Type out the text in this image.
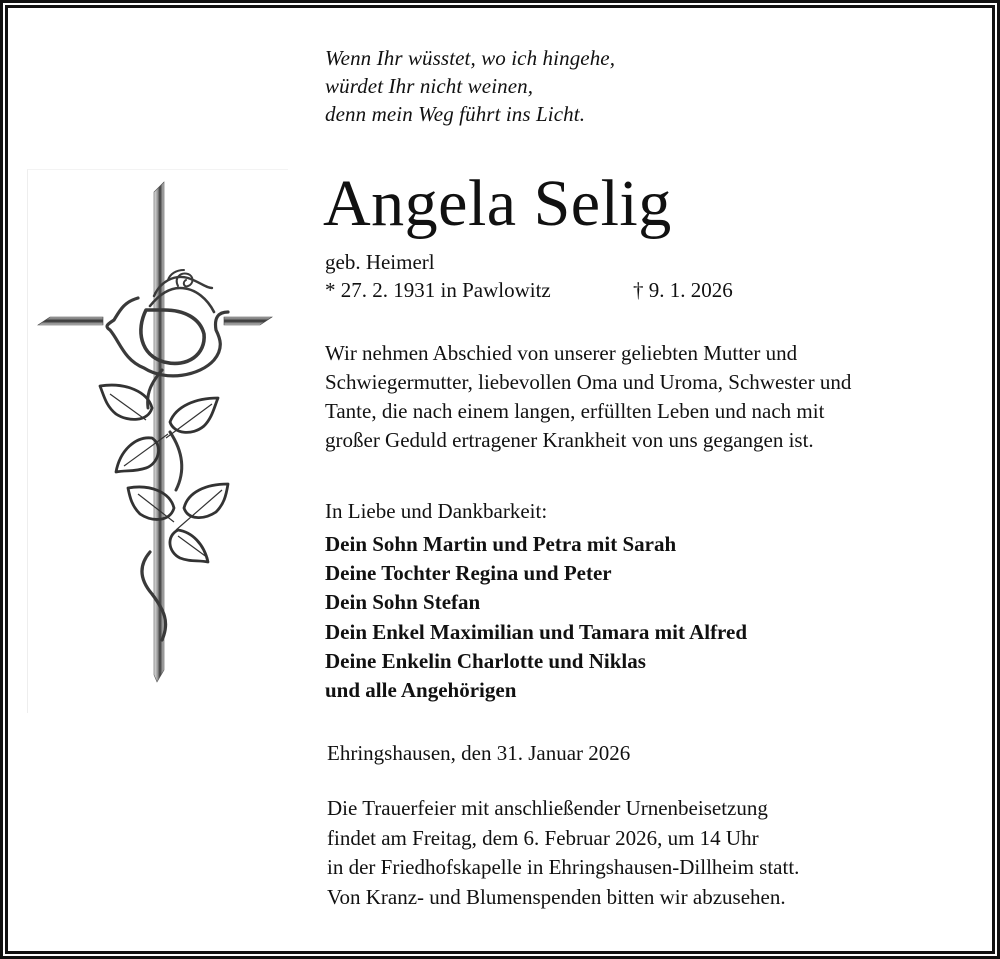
Wenn Ihr wüsstet, wo ich hingehe,
würdet Ihr nicht weinen,
denn mein Weg führt ins Licht.
Angela Selig
geb. Heimerl
* 27. 2. 1931 in Pawlowitz	† 9. 1. 2026
Wir nehmen Abschied von unserer geliebten Mutter und
Schwiegermutter, liebevollen Oma und Uroma, Schwester und
Tante, die nach einem langen, erfüllten Leben und nach mit
großer Geduld ertragener Krankheit von uns gegangen ist.
In Liebe und Dankbarkeit:
Dein Sohn Martin und Petra mit Sarah
Deine Tochter Regina und Peter
Dein Sohn Stefan
Dein Enkel Maximilian und Tamara mit Alfred
Deine Enkelin Charlotte und Niklas
und alle Angehörigen
Ehringshausen, den 31. Januar 2026
Die Trauerfeier mit anschließender Urnenbeisetzung
findet am Freitag, dem 6. Februar 2026, um 14 Uhr
in der Friedhofskapelle in Ehringshausen-Dillheim statt.
Von Kranz- und Blumenspenden bitten wir abzusehen.
